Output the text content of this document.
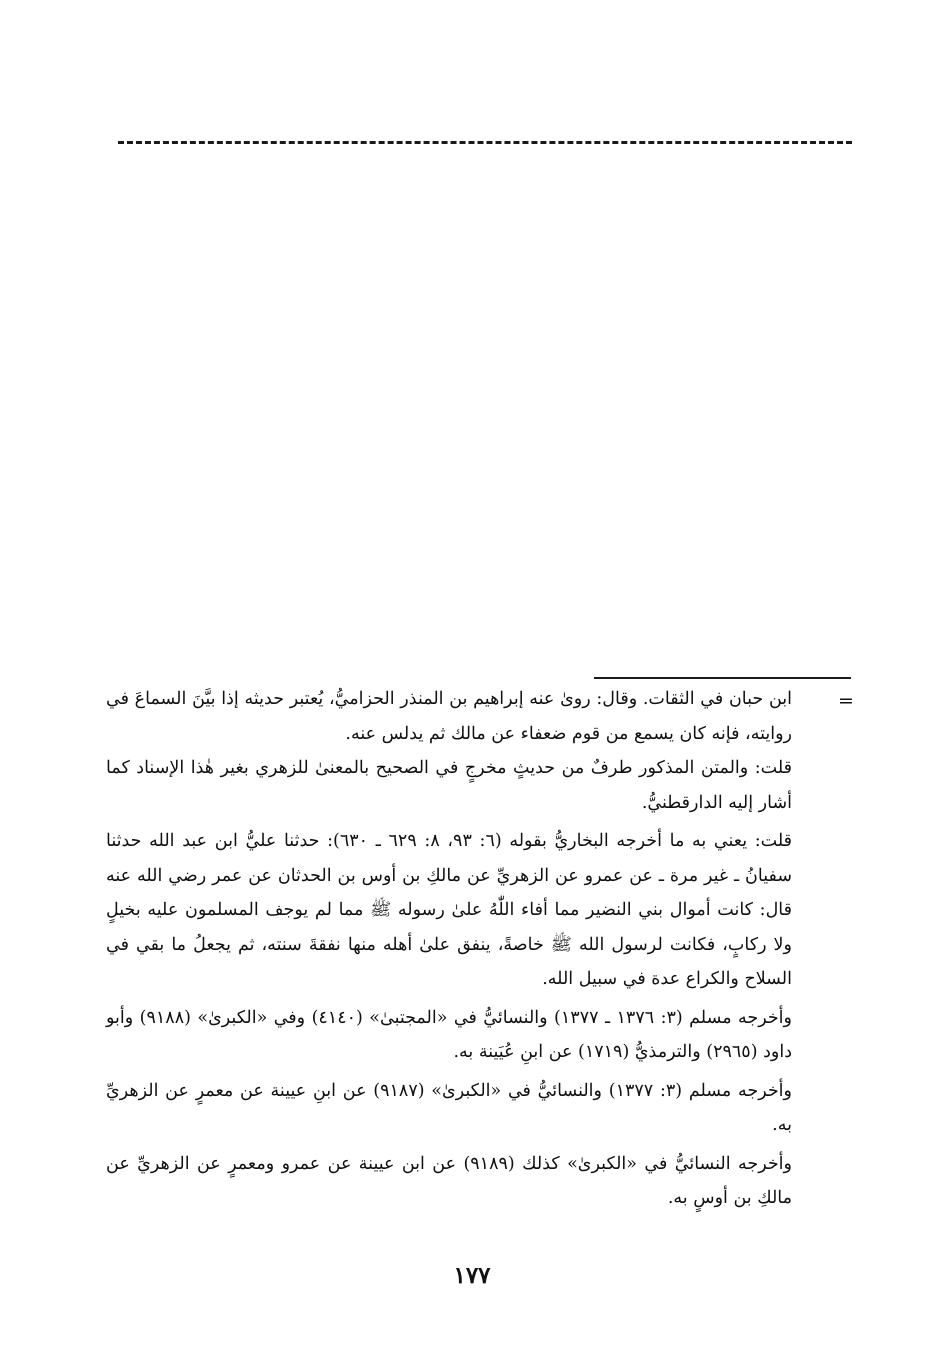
=

ابن حبان في الثقات. وقال: روىٰ عنه إبراهيم بن المنذر الحزاميُّ، يُعتبر حديثه إذا بيَّنَ السماعَ في روايته، فإنه كان يسمع من قوم ضعفاء عن مالك ثم يدلس عنه.

قلت: والمتن المذكور طرفٌ من حديثٍ مخرجٍ في الصحيح بالمعنىٰ للزهري بغير هٰذا الإسناد كما أشار إليه الدارقطنيُّ.

قلت: يعني به ما أخرجه البخاريُّ بقوله (٦: ٩٣، ٨: ٦٢٩ ـ ٦٣٠): حدثنا عليُّ ابن عبد الله حدثنا سفيانُ ـ غير مرة ـ عن عمرو عن الزهريِّ عن مالكِ بن أوس بن الحدثان عن عمر رضي الله عنه قال: كانت أموال بني النضير مما أفاء اللّٰهُ علىٰ رسوله ﷺ مما لم يوجف المسلمون عليه بخيلٍ ولا ركابٍ، فكانت لرسول الله ﷺ خاصةً، ينفق علىٰ أهله منها نفقةَ سنته، ثم يجعلُ ما بقي في السلاح والكراع عدة في سبيل الله.

وأخرجه مسلم (٣: ١٣٧٦ ـ ١٣٧٧) والنسائيُّ في «المجتبىٰ» (٤١٤٠) وفي «الكبرىٰ» (٩١٨٨) وأبو داود (٢٩٦٥) والترمذيُّ (١٧١٩) عن ابنِ عُيَينة به.

وأخرجه مسلم (٣: ١٣٧٧) والنسائيُّ في «الكبرىٰ» (٩١٨٧) عن ابنِ عيينة عن معمرٍ عن الزهريِّ به.

وأخرجه النسائيُّ في «الكبرىٰ» كذلك (٩١٨٩) عن ابن عيينة عن عمرو ومعمرٍ عن الزهريِّ عن مالكِ بن أوسٍ به.

١٧٧
